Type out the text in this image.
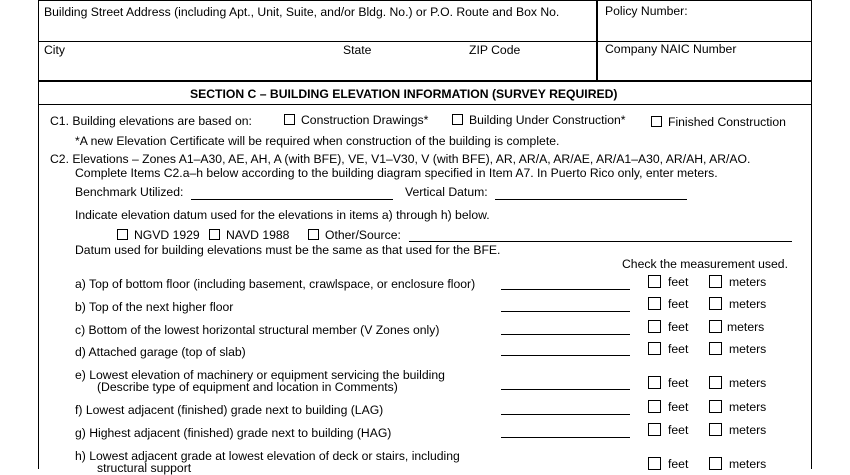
Building Street Address (including Apt., Unit, Suite, and/or Bldg. No.) or P.O. Route and Box No.	Policy Number:
City	State	ZIP Code	Company NAIC Number
SECTION C – BUILDING ELEVATION INFORMATION (SURVEY REQUIRED)
C1. Building elevations are based on:	Construction Drawings*	Building Under Construction*	Finished Construction
*A new Elevation Certificate will be required when construction of the building is complete.
C2. Elevations – Zones A1–A30, AE, AH, A (with BFE), VE, V1–V30, V (with BFE), AR, AR/A, AR/AE, AR/A1–A30, AR/AH, AR/AO.
Complete Items C2.a–h below according to the building diagram specified in Item A7. In Puerto Rico only, enter meters.
Benchmark Utilized:	Vertical Datum:
Indicate elevation datum used for the elevations in items a) through h) below.
NGVD 1929 NAVD 1988	Other/Source:
Datum used for building elevations must be the same as that used for the BFE.
Check the measurement used.
a) Top of bottom floor (including basement, crawlspace, or enclosure floor)	feet	meters
b) Top of the next higher floor	feet	meters
c) Bottom of the lowest horizontal structural member (V Zones only)	feet	meters
d) Attached garage (top of slab)	feet	meters
e) Lowest elevation of machinery or equipment servicing the building
(Describe type of equipment and location in Comments)	feet	meters
f) Lowest adjacent (finished) grade next to building (LAG)	feet	meters
g) Highest adjacent (finished) grade next to building (HAG)	feet	meters
h) Lowest adjacent grade at lowest elevation of deck or stairs, including
structural support	feet	meters
